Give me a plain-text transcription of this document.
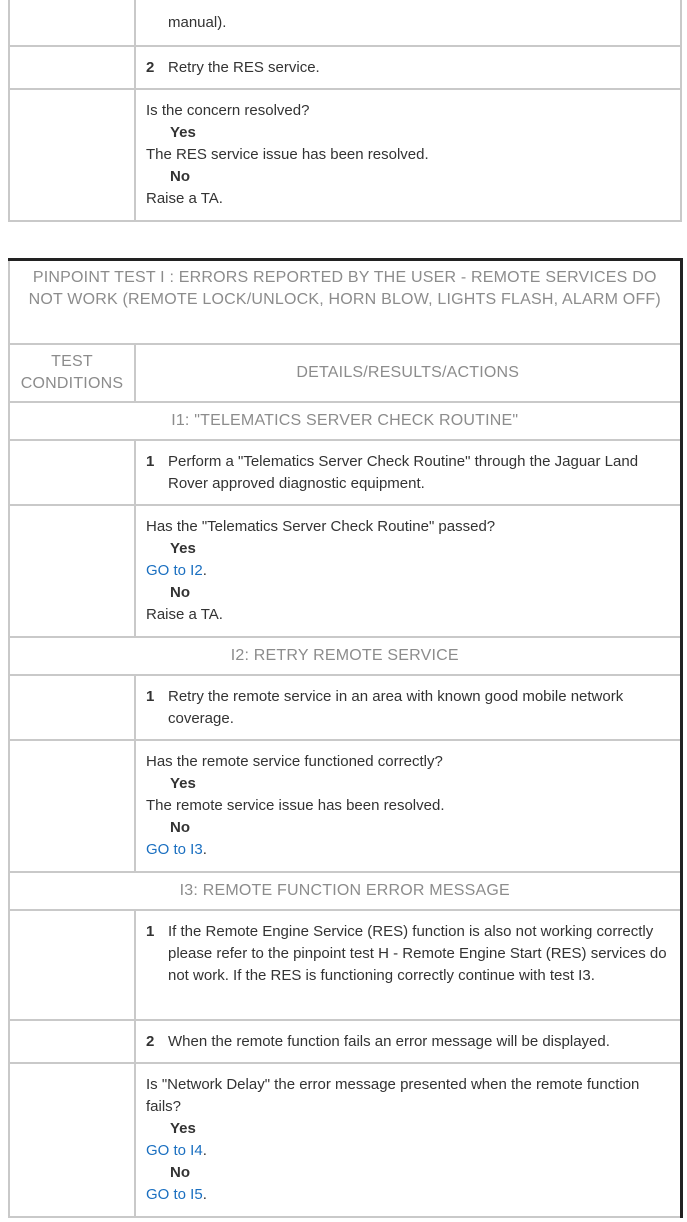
	manual).

	2 Retry the RES service.

	Is the concern resolved?
Yes
The RES service issue has been resolved.
No
Raise a TA.
PINPOINT TEST I : ERRORS REPORTED BY THE USER - REMOTE SERVICES DO NOT WORK (REMOTE LOCK/UNLOCK, HORN BLOW, LIGHTS FLASH, ALARM OFF)	

TEST CONDITIONS	DETAILS/RESULTS/ACTIONS
I1: "TELEMATICS SERVER CHECK ROUTINE"	

	1 Perform a "Telematics Server Check Routine" through the Jaguar Land Rover approved diagnostic equipment.

	Has the "Telematics Server Check Routine" passed?
Yes
GO to I2.
No
Raise a TA.

I2: RETRY REMOTE SERVICE	

	1 Retry the remote service in an area with known good mobile network coverage.

	Has the remote service functioned correctly?
Yes
The remote service issue has been resolved.
No
GO to I3.

I3: REMOTE FUNCTION ERROR MESSAGE	

	1 If the Remote Engine Service (RES) function is also not working correctly please refer to the pinpoint test H - Remote Engine Start (RES) services do not work. If the RES is functioning correctly continue with test I3.

	2 When the remote function fails an error message will be displayed.

	Is "Network Delay" the error message presented when the remote function fails?
Yes
GO to I4.
No
GO to I5.
